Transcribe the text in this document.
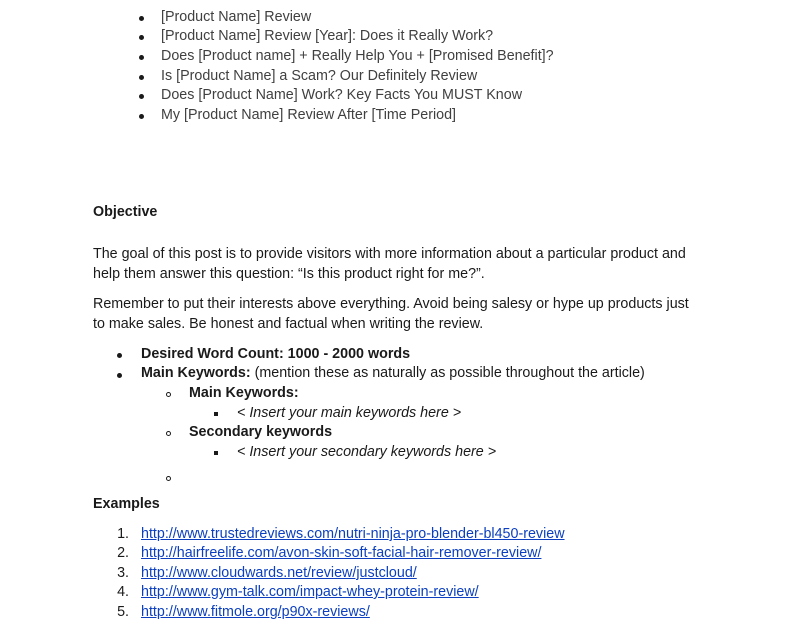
[Product Name] Review
[Product Name] Review [Year]: Does it Really Work?
Does [Product name] + Really Help You + [Promised Benefit]?
Is [Product Name] a Scam? Our Definitely Review
Does [Product Name] Work? Key Facts You MUST Know
My [Product Name] Review After [Time Period]
Objective
The goal of this post is to provide visitors with more information about a particular product and
help them answer this question: “Is this product right for me?”.
Remember to put their interests above everything. Avoid being salesy or hype up products just
to make sales. Be honest and factual when writing the review.
Desired Word Count: 1000 - 2000 words
Main Keywords: (mention these as naturally as possible throughout the article)
Main Keywords:
< Insert your main keywords here >
Secondary keywords
< Insert your secondary keywords here >
Examples
1. http://www.trustedreviews.com/nutri-ninja-pro-blender-bl450-review
2. http://hairfreelife.com/avon-skin-soft-facial-hair-remover-review/
3. http://www.cloudwards.net/review/justcloud/
4. http://www.gym-talk.com/impact-whey-protein-review/
5. http://www.fitmole.org/p90x-reviews/
